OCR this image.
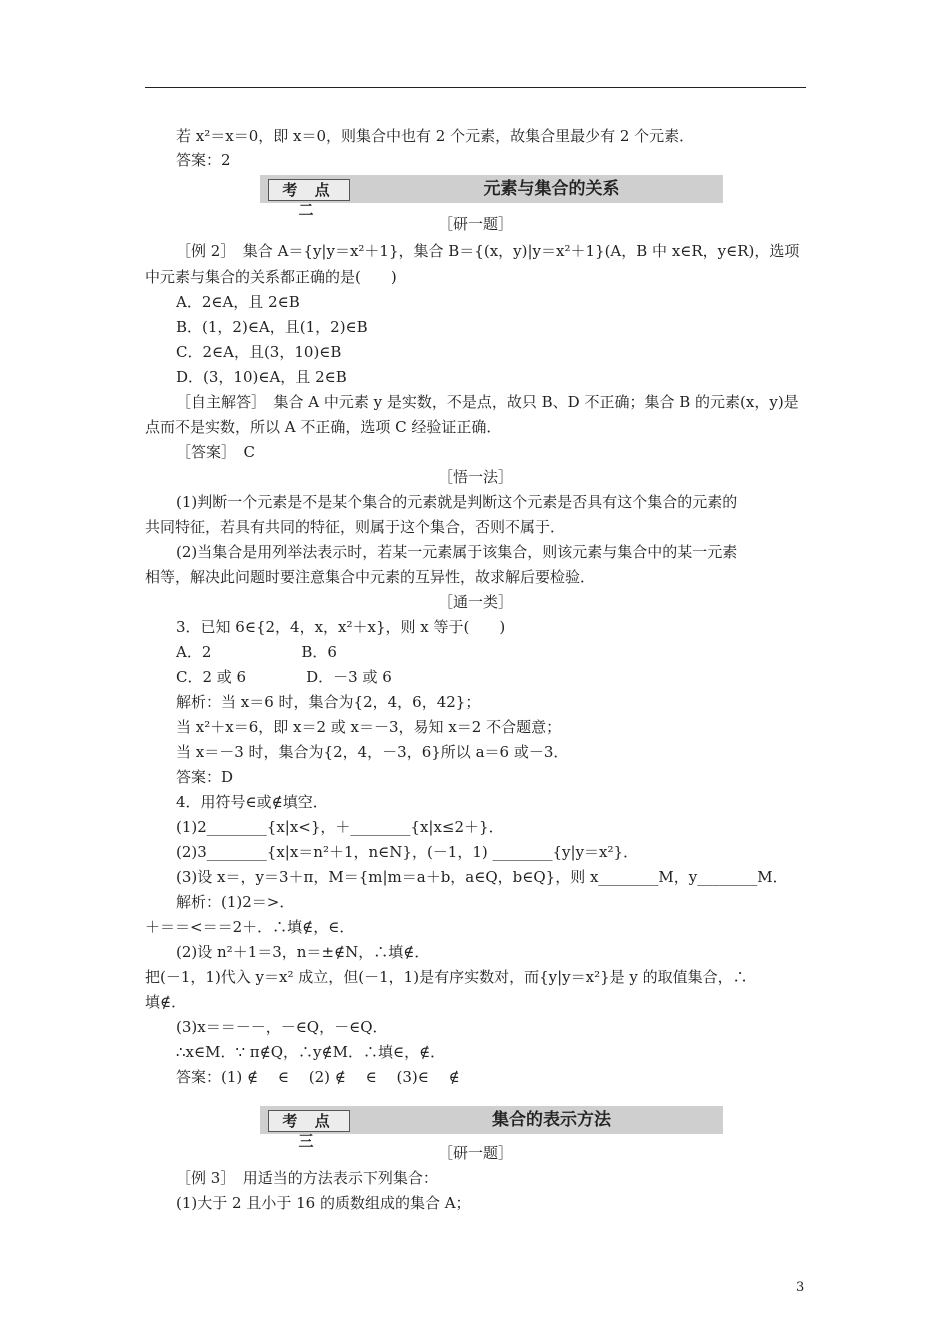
若 x²＝x＝0，即 x＝0，则集合中也有 2 个元素，故集合里最少有 2 个元素．
答案：2
考 点 二
元素与集合的关系
［研一题］
［例 2］　集合 A＝{y|y＝x²＋1}，集合 B＝{(x，y)|y＝x²＋1}(A，B 中 x∈R，y∈R)，选项
中元素与集合的关系都正确的是(　　)
A．2∈A，且 2∈B
B．(1，2)∈A，且(1，2)∈B
C．2∈A，且(3，10)∈B
D．(3，10)∈A，且 2∈B
［自主解答］　集合 A 中元素 y 是实数，不是点，故只 B、D 不正确；集合 B 的元素(x，y)是
点而不是实数，所以 A 不正确，选项 C 经验证正确．
［答案］　C
［悟一法］
(1)判断一个元素是不是某个集合的元素就是判断这个元素是否具有这个集合的元素的
共同特征，若具有共同的特征，则属于这个集合，否则不属于．
(2)当集合是用列举法表示时，若某一元素属于该集合，则该元素与集合中的某一元素
相等，解决此问题时要注意集合中元素的互异性，故求解后要检验．
［通一类］
3．已知 6∈{2，4，x，x²＋x}，则 x 等于(　　)
A．2　　　　　　B．6
C．2 或 6　　　　D．－3 或 6
解析：当 x＝6 时，集合为{2，4，6，42}；
当 x²＋x＝6，即 x＝2 或 x＝－3，易知 x＝2 不合题意；
当 x＝－3 时，集合为{2，4，－3，6}所以 a＝6 或－3．
答案：D
4．用符号∈或∉填空．
(1)2________{x|x<}，＋________{x|x≤2＋}．
(2)3________{x|x＝n²＋1，n∈N}，(－1，1) ________{y|y＝x²}．
(3)设 x＝，y＝3＋π，M＝{m|m＝a＋b，a∈Q，b∈Q}，则 x________M，y________M．
解析：(1)2＝>．
＋＝＝<＝＝2＋．∴填∉，∈．
(2)设 n²＋1＝3，n＝±∉N，∴填∉．
把(－1，1)代入 y＝x² 成立，但(－1，1)是有序实数对，而{y|y＝x²}是 y 的取值集合，∴
填∉．
(3)x＝＝－－，－∈Q，－∈Q．
∴x∈M．∵ π∉Q，∴y∉M．∴填∈，∉．
答案：(1) ∉　 ∈　 (2) ∉　 ∈　 (3)∈　 ∉
考 点 三
集合的表示方法
［研一题］
［例 3］　用适当的方法表示下列集合：
(1)大于 2 且小于 16 的质数组成的集合 A；
3
